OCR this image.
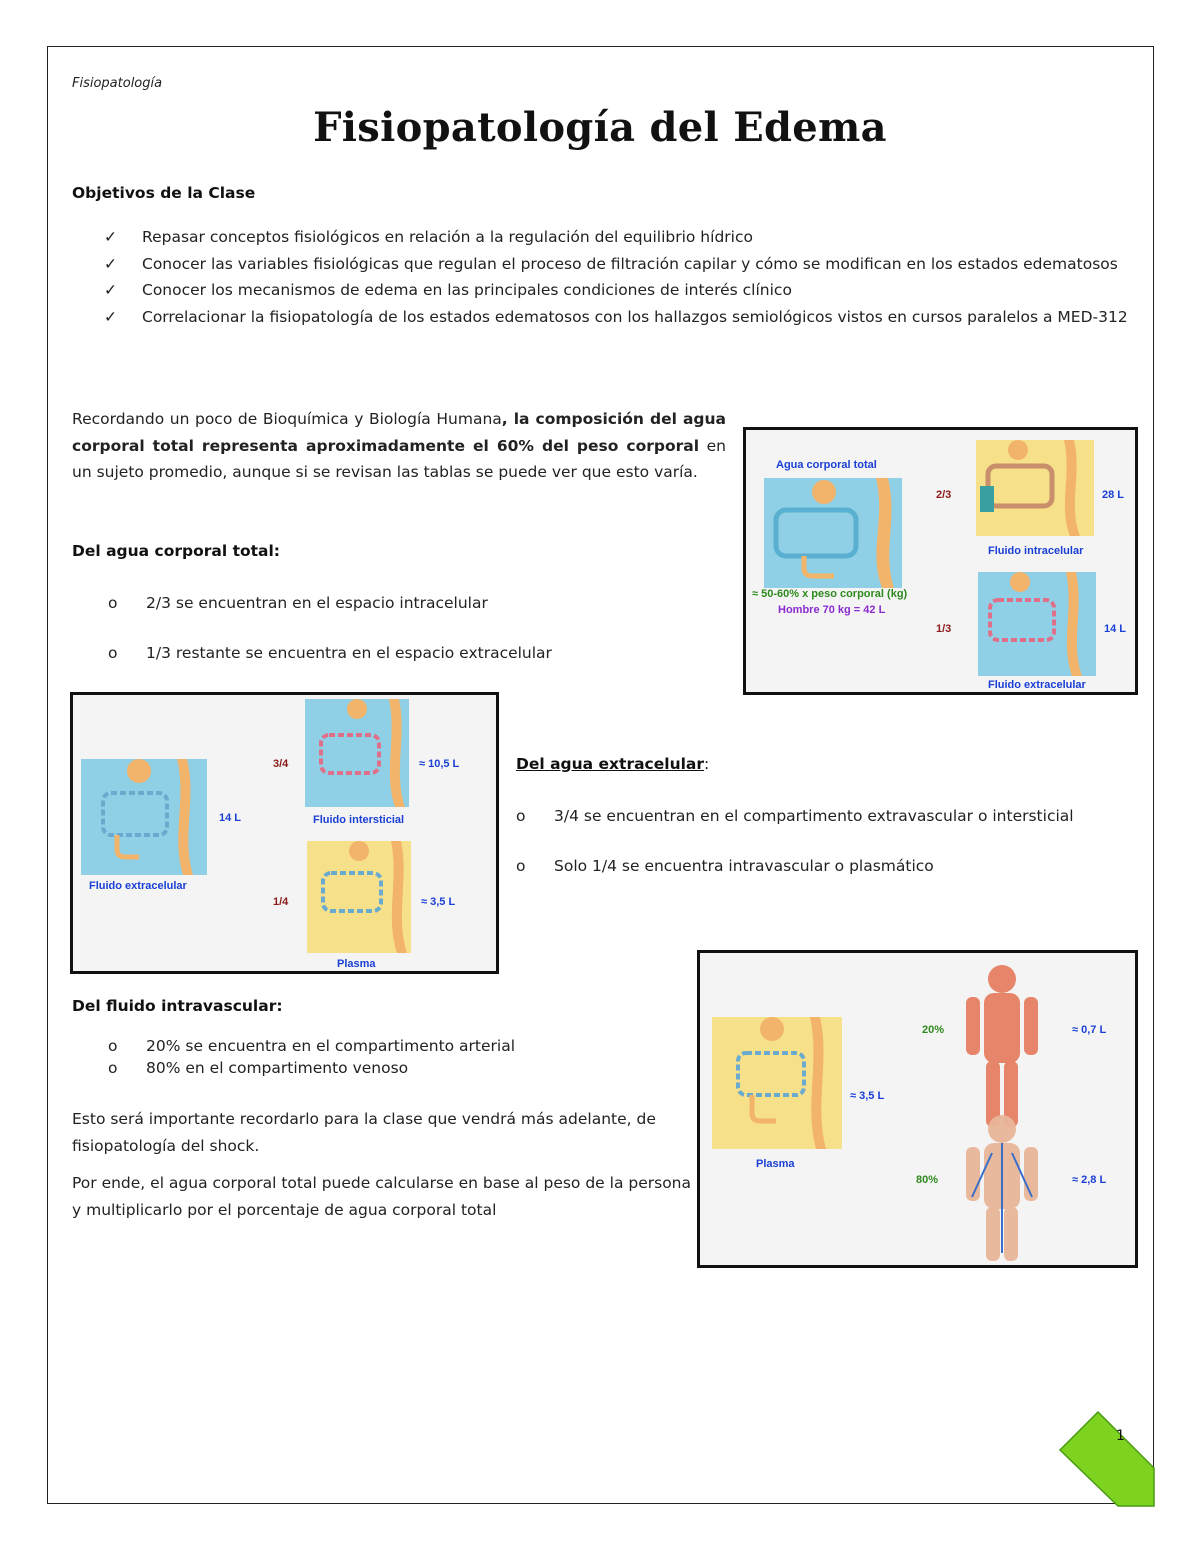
Fisiopatología
Fisiopatología del Edema
Objetivos de la Clase
✓ Repasar conceptos fisiológicos en relación a la regulación del equilibrio hídrico
✓ Conocer las variables fisiológicas que regulan el proceso de filtración capilar y cómo se modifican en los estados edematosos
✓ Conocer los mecanismos de edema en las principales condiciones de interés clínico
✓ Correlacionar la fisiopatología de los estados edematosos con los hallazgos semiológicos vistos en cursos paralelos a MED-312
Recordando un poco de Bioquímica y Biología Humana, la composición del agua corporal total representa aproximadamente el 60% del peso corporal en un sujeto promedio, aunque si se revisan las tablas se puede ver que esto varía.
Del agua corporal total:
o 2/3 se encuentran en el espacio intracelular
o 1/3 restante se encuentra en el espacio extracelular
Agua corporal total
≈ 50-60% x peso corporal (kg)
Hombre 70 kg = 42 L
2/3	28 L
Fluido intracelular
1/3	14 L
Fluido extracelular
14 L
Fluido extracelular
3/4	≈ 10,5 L
Fluido intersticial
1/4	≈ 3,5 L
Plasma
Del agua extracelular:
o 3/4 se encuentran en el compartimento extravascular o intersticial
o Solo 1/4 se encuentra intravascular o plasmático
≈ 3,5 L
Plasma
20%	≈ 0,7 L
80%	≈ 2,8 L
Del fluido intravascular:
o 20% se encuentra en el compartimento arterial
o 80% en el compartimento venoso
Esto será importante recordarlo para la clase que vendrá más adelante, de fisiopatología del shock.
Por ende, el agua corporal total puede calcularse en base al peso de la persona y multiplicarlo por el porcentaje de agua corporal total
1
